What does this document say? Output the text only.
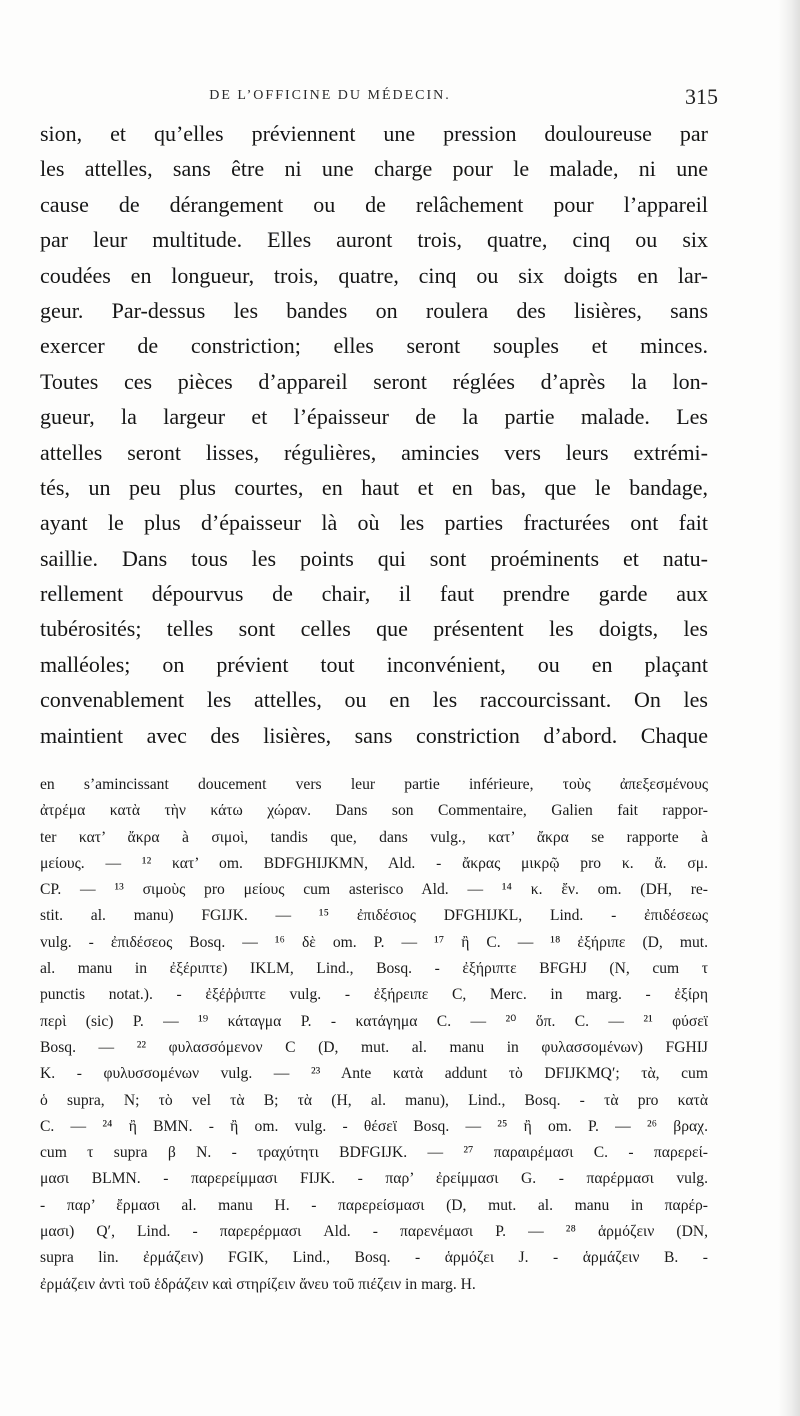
DE L’OFFICINE DU MÉDECIN.	315
sion, et qu’elles préviennent une pression douloureuse par
les attelles, sans être ni une charge pour le malade, ni une
cause de dérangement ou de relâchement pour l’appareil
par leur multitude. Elles auront trois, quatre, cinq ou six
coudées en longueur, trois, quatre, cinq ou six doigts en lar-
geur. Par-dessus les bandes on roulera des lisières, sans
exercer de constriction; elles seront souples et minces.
Toutes ces pièces d’appareil seront réglées d’après la lon-
gueur, la largeur et l’épaisseur de la partie malade. Les
attelles seront lisses, régulières, amincies vers leurs extrémi-
tés, un peu plus courtes, en haut et en bas, que le bandage,
ayant le plus d’épaisseur là où les parties fracturées ont fait
saillie. Dans tous les points qui sont proéminents et natu-
rellement dépourvus de chair, il faut prendre garde aux
tubérosités; telles sont celles que présentent les doigts, les
malléoles; on prévient tout inconvénient, ou en plaçant
convenablement les attelles, ou en les raccourcissant. On les
maintient avec des lisières, sans constriction d’abord. Chaque
en s’amincissant doucement vers leur partie inférieure, τοὺς ἀπεξεσμένους
ἀτρέμα κατὰ τὴν κάτω χώραν. Dans son Commentaire, Galien fait rappor-
ter κατ’ ἄκρα à σιμοὶ, tandis que, dans vulg., κατ’ ἄκρα se rapporte à
μείους. — ¹² κατ’ om. BDFGHIJKMN, Ald. - ἄκρας μικρῷ pro κ. ἄ. σμ.
CP. — ¹³ σιμοὺς pro μείους cum asterisco Ald. — ¹⁴ κ. ἔν. om. (DH, re-
stit. al. manu) FGIJK. — ¹⁵ ἐπιδέσιος DFGHIJKL, Lind. - ἐπιδέσεως
vulg. - ἐπιδέσεος Bosq. — ¹⁶ δὲ om. P. — ¹⁷ ἢ C. — ¹⁸ ἐξήριπε (D, mut.
al. manu in ἐξέριπτε) IKLM, Lind., Bosq. - ἐξήριπτε BFGHJ (N, cum τ
punctis notat.). - ἐξέῤῥιπτε vulg. - ἐξήρειπε C, Merc. in marg. - ἐξίρη
περὶ (sic) P. — ¹⁹ κάταγμα P. - κατάγημα C. — ²⁰ ὅπ. C. — ²¹ φύσεϊ
Bosq. — ²² φυλασσόμενον C (D, mut. al. manu in φυλασσομένων) FGHIJ
K. - φυλυσσομένων vulg. — ²³ Ante κατὰ addunt τὸ DFIJKMQ′; τὰ, cum
ὁ supra, N; τὸ vel τὰ B; τὰ (H, al. manu), Lind., Bosq. - τὰ pro κατὰ
C. — ²⁴ ἢ BMN. - ἢ om. vulg. - θέσεϊ Bosq. — ²⁵ ἢ om. P. — ²⁶ βραχ.
cum τ supra β N. - τραχύτητι BDFGIJK. — ²⁷ παραιρέμασι C. - παρερεί-
μασι BLMN. - παρερείμμασι FIJK. - παρ’ ἐρείμμασι G. - παρέρμασι vulg.
- παρ’ ἔρμασι al. manu H. - παρερείσμασι (D, mut. al. manu in παρέρ-
μασι) Q′, Lind. - παρερέρμασι Ald. - παρενέμασι P. — ²⁸ ἁρμόζειν (DN,
supra lin. ἐρμάζειν) FGIK, Lind., Bosq. - ἁρμόζει J. - ἁρμάζειν B. -
ἐρμάζειν ἀντὶ τοῦ ἑδράζειν καὶ στηρίζειν ἄνευ τοῦ πιέζειν in marg. H.
